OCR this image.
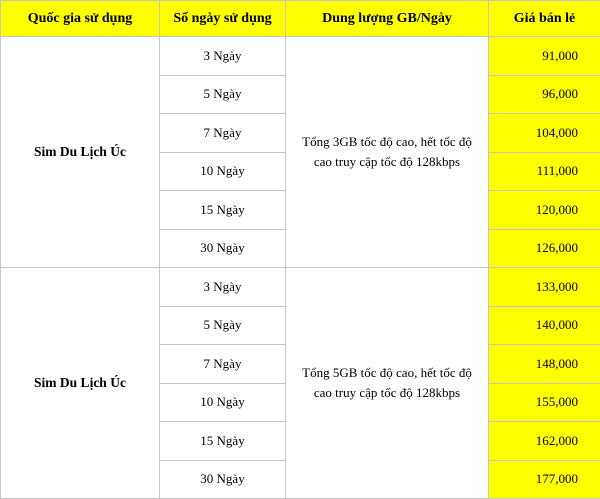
Quốc gia sử dụng	Số ngày sử dụng	Dung lượng GB/Ngày	Giá bán lẻ
Sim Du Lịch Úc	3 Ngày	Tổng 3GB tốc độ cao, hết tốc độ cao truy cập tốc độ 128kbps	91,000
	5 Ngày		96,000
	7 Ngày		104,000
	10 Ngày		111,000
	15 Ngày		120,000
	30 Ngày		126,000
Sim Du Lịch Úc	3 Ngày	Tổng 5GB tốc độ cao, hết tốc độ cao truy cập tốc độ 128kbps	133,000
	5 Ngày		140,000
	7 Ngày		148,000
	10 Ngày		155,000
	15 Ngày		162,000
	30 Ngày		177,000
